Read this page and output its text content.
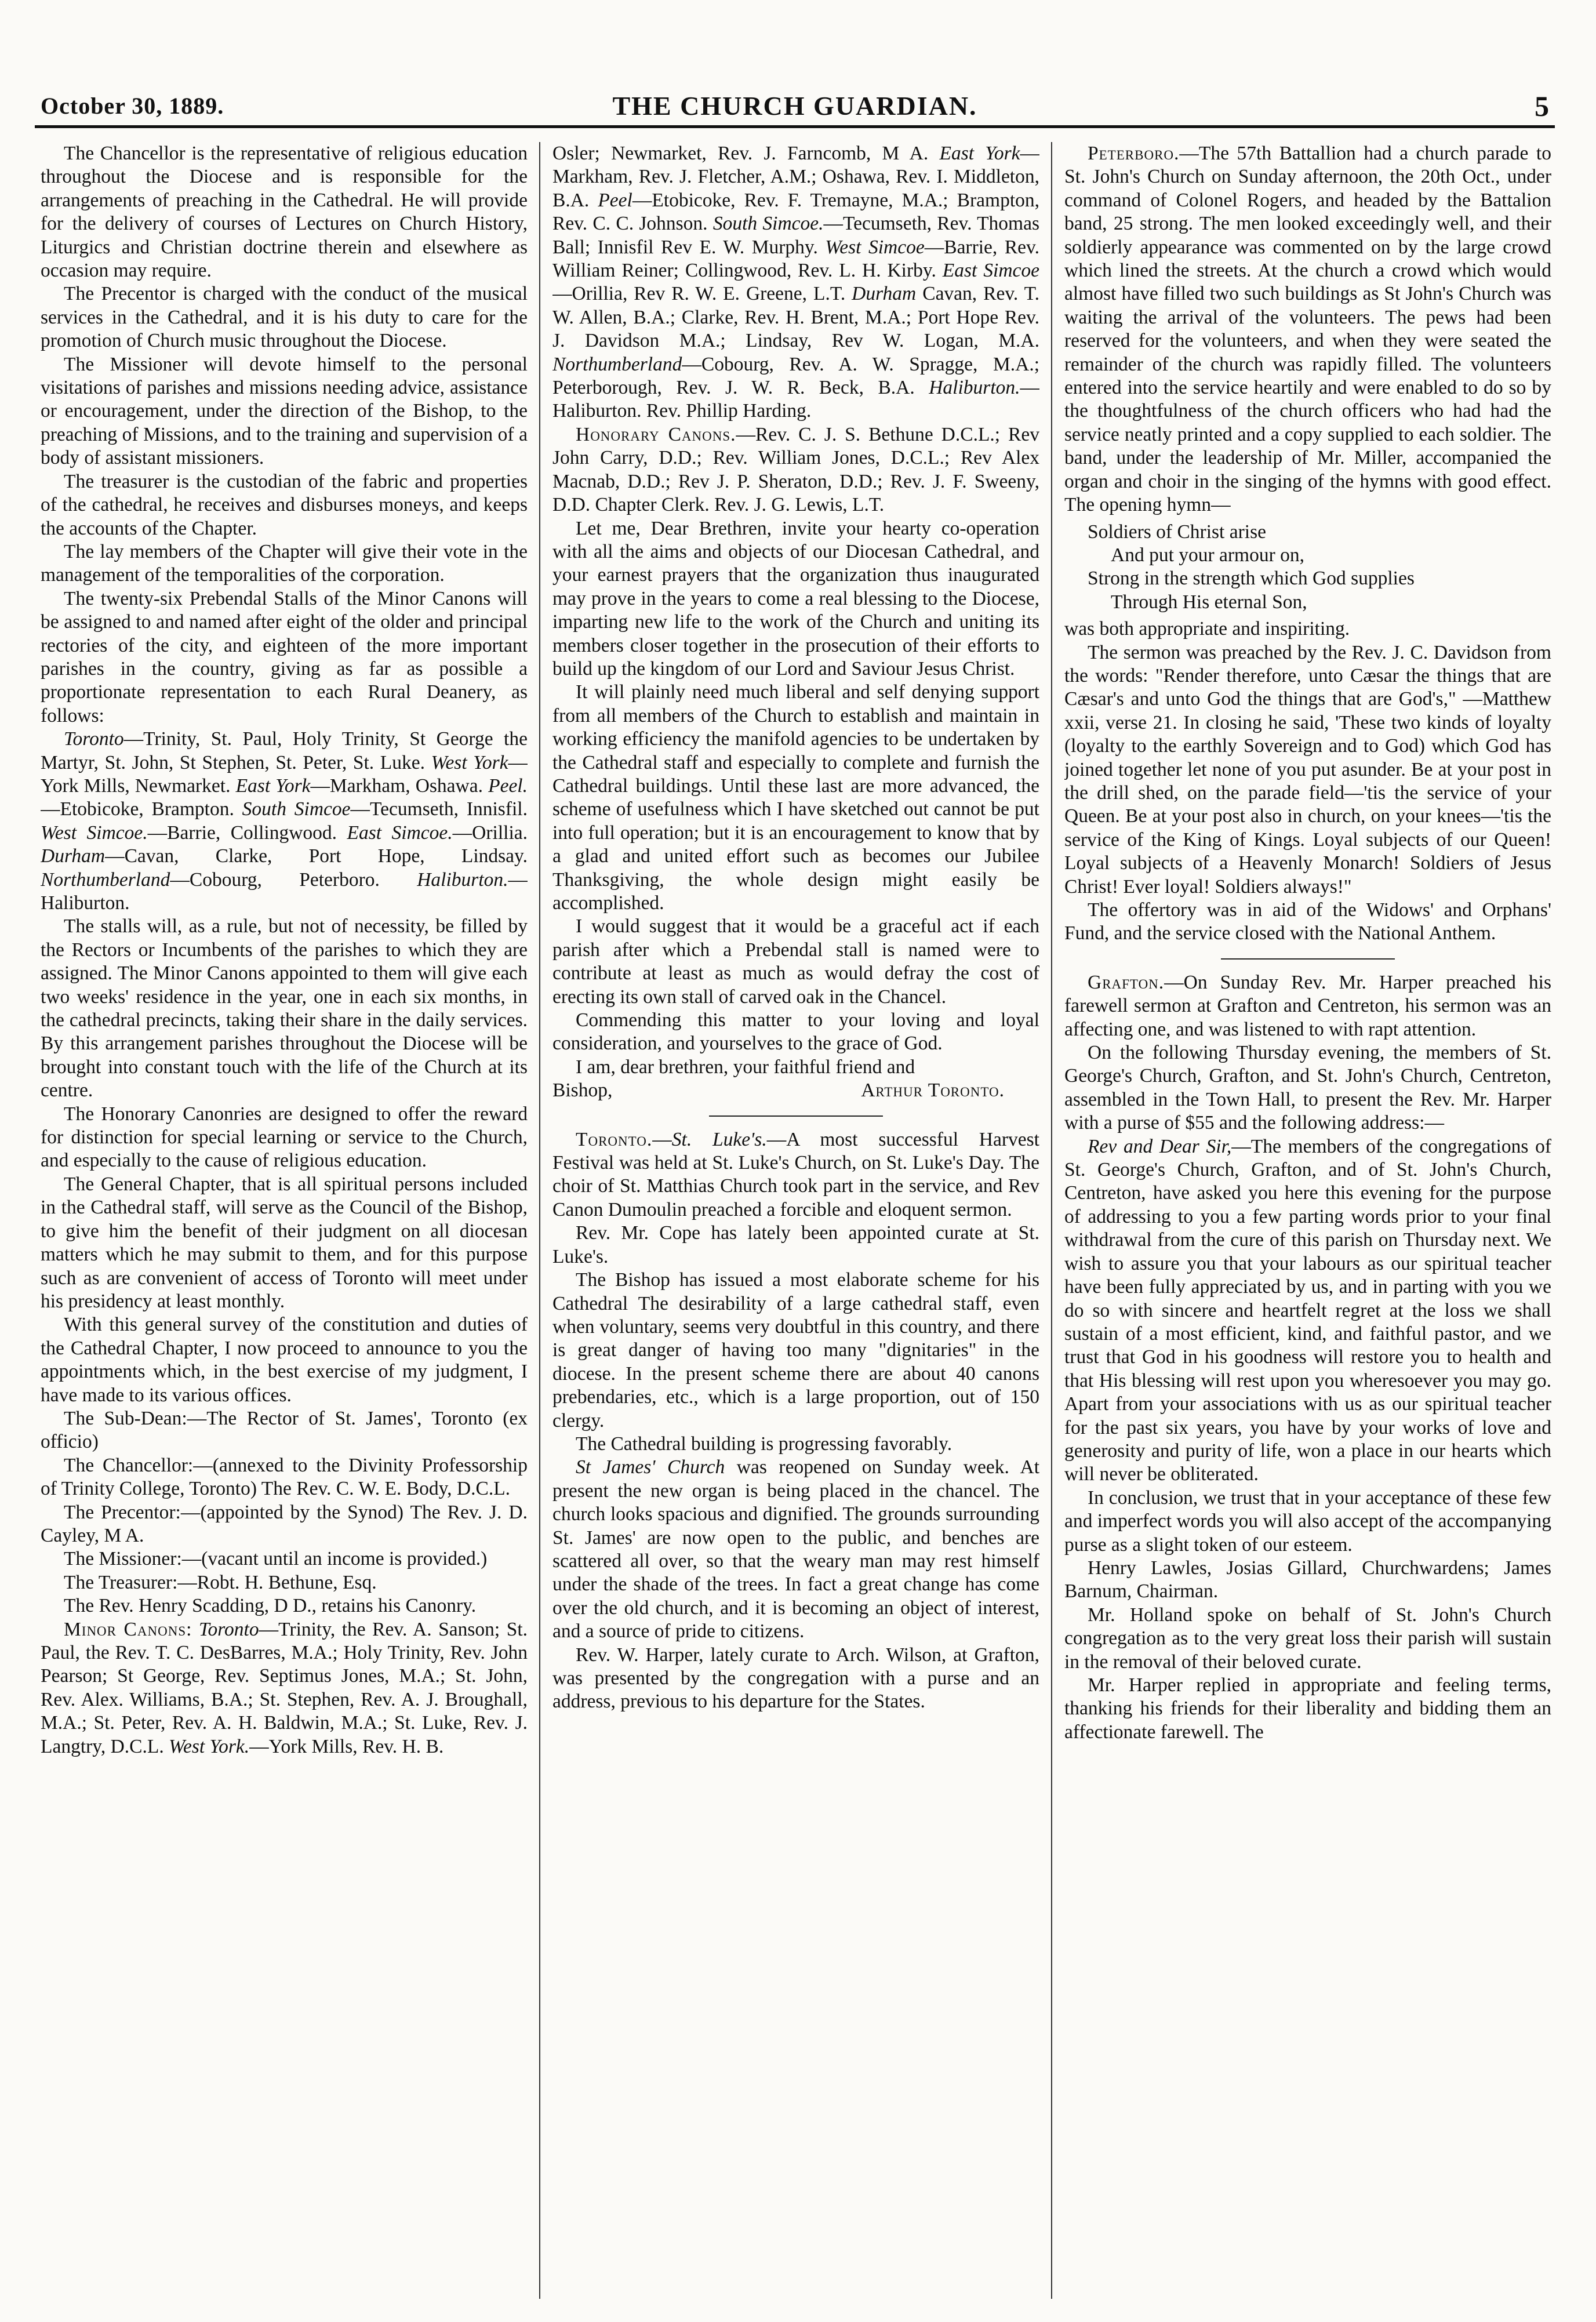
October 30, 1889.	THE CHURCH GUARDIAN.	5

The Chancellor is the representative of religious education throughout the Diocese and is responsible for the arrangements of preaching in the Cathedral. He will provide for the delivery of courses of Lectures on Church History, Liturgics and Christian doctrine therein and elsewhere as occasion may require.

The Precentor is charged with the conduct of the musical services in the Cathedral, and it is his duty to care for the promotion of Church music throughout the Diocese.

The Missioner will devote himself to the personal visitations of parishes and missions needing advice, assistance or encouragement, under the direction of the Bishop, to the preaching of Missions, and to the training and supervision of a body of assistant missioners.

The treasurer is the custodian of the fabric and properties of the cathedral, he receives and disburses moneys, and keeps the accounts of the Chapter.

The lay members of the Chapter will give their vote in the management of the temporalities of the corporation.

The twenty-six Prebendal Stalls of the Minor Canons will be assigned to and named after eight of the older and principal rectories of the city, and eighteen of the more important parishes in the country, giving as far as possible a proportionate representation to each Rural Deanery, as follows:

Toronto—Trinity, St. Paul, Holy Trinity, St George the Martyr, St. John, St Stephen, St. Peter, St. Luke. West York—York Mills, Newmarket. East York—Markham, Oshawa. Peel.—Etobicoke, Brampton. South Simcoe—Tecumseth, Innisfil. West Simcoe.—Barrie, Collingwood. East Simcoe.—Orillia. Durham—Cavan, Clarke, Port Hope, Lindsay. Northumberland—Cobourg, Peterboro. Haliburton.—Haliburton.

The stalls will, as a rule, but not of necessity, be filled by the Rectors or Incumbents of the parishes to which they are assigned. The Minor Canons appointed to them will give each two weeks' residence in the year, one in each six months, in the cathedral precincts, taking their share in the daily services. By this arrangement parishes throughout the Diocese will be brought into constant touch with the life of the Church at its centre.

The Honorary Canonries are designed to offer the reward for distinction for special learning or service to the Church, and especially to the cause of religious education.

The General Chapter, that is all spiritual persons included in the Cathedral staff, will serve as the Council of the Bishop, to give him the benefit of their judgment on all diocesan matters which he may submit to them, and for this purpose such as are convenient of access of Toronto will meet under his presidency at least monthly.

With this general survey of the constitution and duties of the Cathedral Chapter, I now proceed to announce to you the appointments which, in the best exercise of my judgment, I have made to its various offices.

The Sub-Dean:—The Rector of St. James', Toronto (ex officio)

The Chancellor:—(annexed to the Divinity Professorship of Trinity College, Toronto) The Rev. C. W. E. Body, D.C.L.

The Precentor:—(appointed by the Synod) The Rev. J. D. Cayley, M A.

The Missioner:—(vacant until an income is provided.)

The Treasurer:—Robt. H. Bethune, Esq.

The Rev. Henry Scadding, D D., retains his Canonry.

Minor Canons: Toronto—Trinity, the Rev. A. Sanson; St. Paul, the Rev. T. C. DesBarres, M.A.; Holy Trinity, Rev. John Pearson; St George, Rev. Septimus Jones, M.A.; St. John, Rev. Alex. Williams, B.A.; St. Stephen, Rev. A. J. Broughall, M.A.; St. Peter, Rev. A. H. Baldwin, M.A.; St. Luke, Rev. J. Langtry, D.C.L. West York.—York Mills, Rev. H. B.

Osler; Newmarket, Rev. J. Farncomb, M A. East York—Markham, Rev. J. Fletcher, A.M.; Oshawa, Rev. I. Middleton, B.A. Peel—Etobicoke, Rev. F. Tremayne, M.A.; Brampton, Rev. C. C. Johnson. South Simcoe.—Tecumseth, Rev. Thomas Ball; Innisfil Rev E. W. Murphy. West Simcoe—Barrie, Rev. William Reiner; Collingwood, Rev. L. H. Kirby. East Simcoe—Orillia, Rev R. W. E. Greene, L.T. Durham Cavan, Rev. T. W. Allen, B.A.; Clarke, Rev. H. Brent, M.A.; Port Hope Rev. J. Davidson M.A.; Lindsay, Rev W. Logan, M.A. Northumberland—Cobourg, Rev. A. W. Spragge, M.A.; Peterborough, Rev. J. W. R. Beck, B.A. Haliburton.—Haliburton. Rev. Phillip Harding.

Honorary Canons.—Rev. C. J. S. Bethune D.C.L.; Rev John Carry, D.D.; Rev. William Jones, D.C.L.; Rev Alex Macnab, D.D.; Rev J. P. Sheraton, D.D.; Rev. J. F. Sweeny, D.D. Chapter Clerk. Rev. J. G. Lewis, L.T.

Let me, Dear Brethren, invite your hearty co-operation with all the aims and objects of our Diocesan Cathedral, and your earnest prayers that the organization thus inaugurated may prove in the years to come a real blessing to the Diocese, imparting new life to the work of the Church and uniting its members closer together in the prosecution of their efforts to build up the kingdom of our Lord and Saviour Jesus Christ.

It will plainly need much liberal and self denying support from all members of the Church to establish and maintain in working efficiency the manifold agencies to be undertaken by the Cathedral staff and especially to complete and furnish the Cathedral buildings. Until these last are more advanced, the scheme of usefulness which I have sketched out cannot be put into full operation; but it is an encouragement to know that by a glad and united effort such as becomes our Jubilee Thanksgiving, the whole design might easily be accomplished.

I would suggest that it would be a graceful act if each parish after which a Prebendal stall is named were to contribute at least as much as would defray the cost of erecting its own stall of carved oak in the Chancel.

Commending this matter to your loving and loyal consideration, and yourselves to the grace of God.

I am, dear brethren, your faithful friend and

Bishop,	Arthur Toronto.

Toronto.—St. Luke's.—A most successful Harvest Festival was held at St. Luke's Church, on St. Luke's Day. The choir of St. Matthias Church took part in the service, and Rev Canon Dumoulin preached a forcible and eloquent sermon.

Rev. Mr. Cope has lately been appointed curate at St. Luke's.

The Bishop has issued a most elaborate scheme for his Cathedral The desirability of a large cathedral staff, even when voluntary, seems very doubtful in this country, and there is great danger of having too many "dignitaries" in the diocese. In the present scheme there are about 40 canons prebendaries, etc., which is a large proportion, out of 150 clergy.

The Cathedral building is progressing favorably.

St James' Church was reopened on Sunday week. At present the new organ is being placed in the chancel. The church looks spacious and dignified. The grounds surrounding St. James' are now open to the public, and benches are scattered all over, so that the weary man may rest himself under the shade of the trees. In fact a great change has come over the old church, and it is becoming an object of interest, and a source of pride to citizens.

Rev. W. Harper, lately curate to Arch. Wilson, at Grafton, was presented by the congregation with a purse and an address, previous to his departure for the States.

Peterboro.—The 57th Battallion had a church parade to St. John's Church on Sunday afternoon, the 20th Oct., under command of Colonel Rogers, and headed by the Battalion band, 25 strong. The men looked exceedingly well, and their soldierly appearance was commented on by the large crowd which lined the streets. At the church a crowd which would almost have filled two such buildings as St John's Church was waiting the arrival of the volunteers. The pews had been reserved for the volunteers, and when they were seated the remainder of the church was rapidly filled. The volunteers entered into the service heartily and were enabled to do so by the thoughtfulness of the church officers who had had the service neatly printed and a copy supplied to each soldier. The band, under the leadership of Mr. Miller, accompanied the organ and choir in the singing of the hymns with good effect. The opening hymn—

Soldiers of Christ arise
And put your armour on,
Strong in the strength which God supplies
Through His eternal Son,

was both appropriate and inspiriting.

The sermon was preached by the Rev. J. C. Davidson from the words: "Render therefore, unto Cæsar the things that are Cæsar's and unto God the things that are God's," —Matthew xxii, verse 21. In closing he said, 'These two kinds of loyalty (loyalty to the earthly Sovereign and to God) which God has joined together let none of you put asunder. Be at your post in the drill shed, on the parade field—'tis the service of your Queen. Be at your post also in church, on your knees—'tis the service of the King of Kings. Loyal subjects of our Queen! Loyal subjects of a Heavenly Monarch! Soldiers of Jesus Christ! Ever loyal! Soldiers always!"

The offertory was in aid of the Widows' and Orphans' Fund, and the service closed with the National Anthem.

Grafton.—On Sunday Rev. Mr. Harper preached his farewell sermon at Grafton and Centreton, his sermon was an affecting one, and was listened to with rapt attention.

On the following Thursday evening, the members of St. George's Church, Grafton, and St. John's Church, Centreton, assembled in the Town Hall, to present the Rev. Mr. Harper with a purse of $55 and the following address:—

Rev and Dear Sir,—The members of the congregations of St. George's Church, Grafton, and of St. John's Church, Centreton, have asked you here this evening for the purpose of addressing to you a few parting words prior to your final withdrawal from the cure of this parish on Thursday next. We wish to assure you that your labours as our spiritual teacher have been fully appreciated by us, and in parting with you we do so with sincere and heartfelt regret at the loss we shall sustain of a most efficient, kind, and faithful pastor, and we trust that God in his goodness will restore you to health and that His blessing will rest upon you wheresoever you may go. Apart from your associations with us as our spiritual teacher for the past six years, you have by your works of love and generosity and purity of life, won a place in our hearts which will never be obliterated.

In conclusion, we trust that in your acceptance of these few and imperfect words you will also accept of the accompanying purse as a slight token of our esteem.

Henry Lawles, Josias Gillard, Churchwardens; James Barnum, Chairman.

Mr. Holland spoke on behalf of St. John's Church congregation as to the very great loss their parish will sustain in the removal of their beloved curate.

Mr. Harper replied in appropriate and feeling terms, thanking his friends for their liberality and bidding them an affectionate farewell. The
